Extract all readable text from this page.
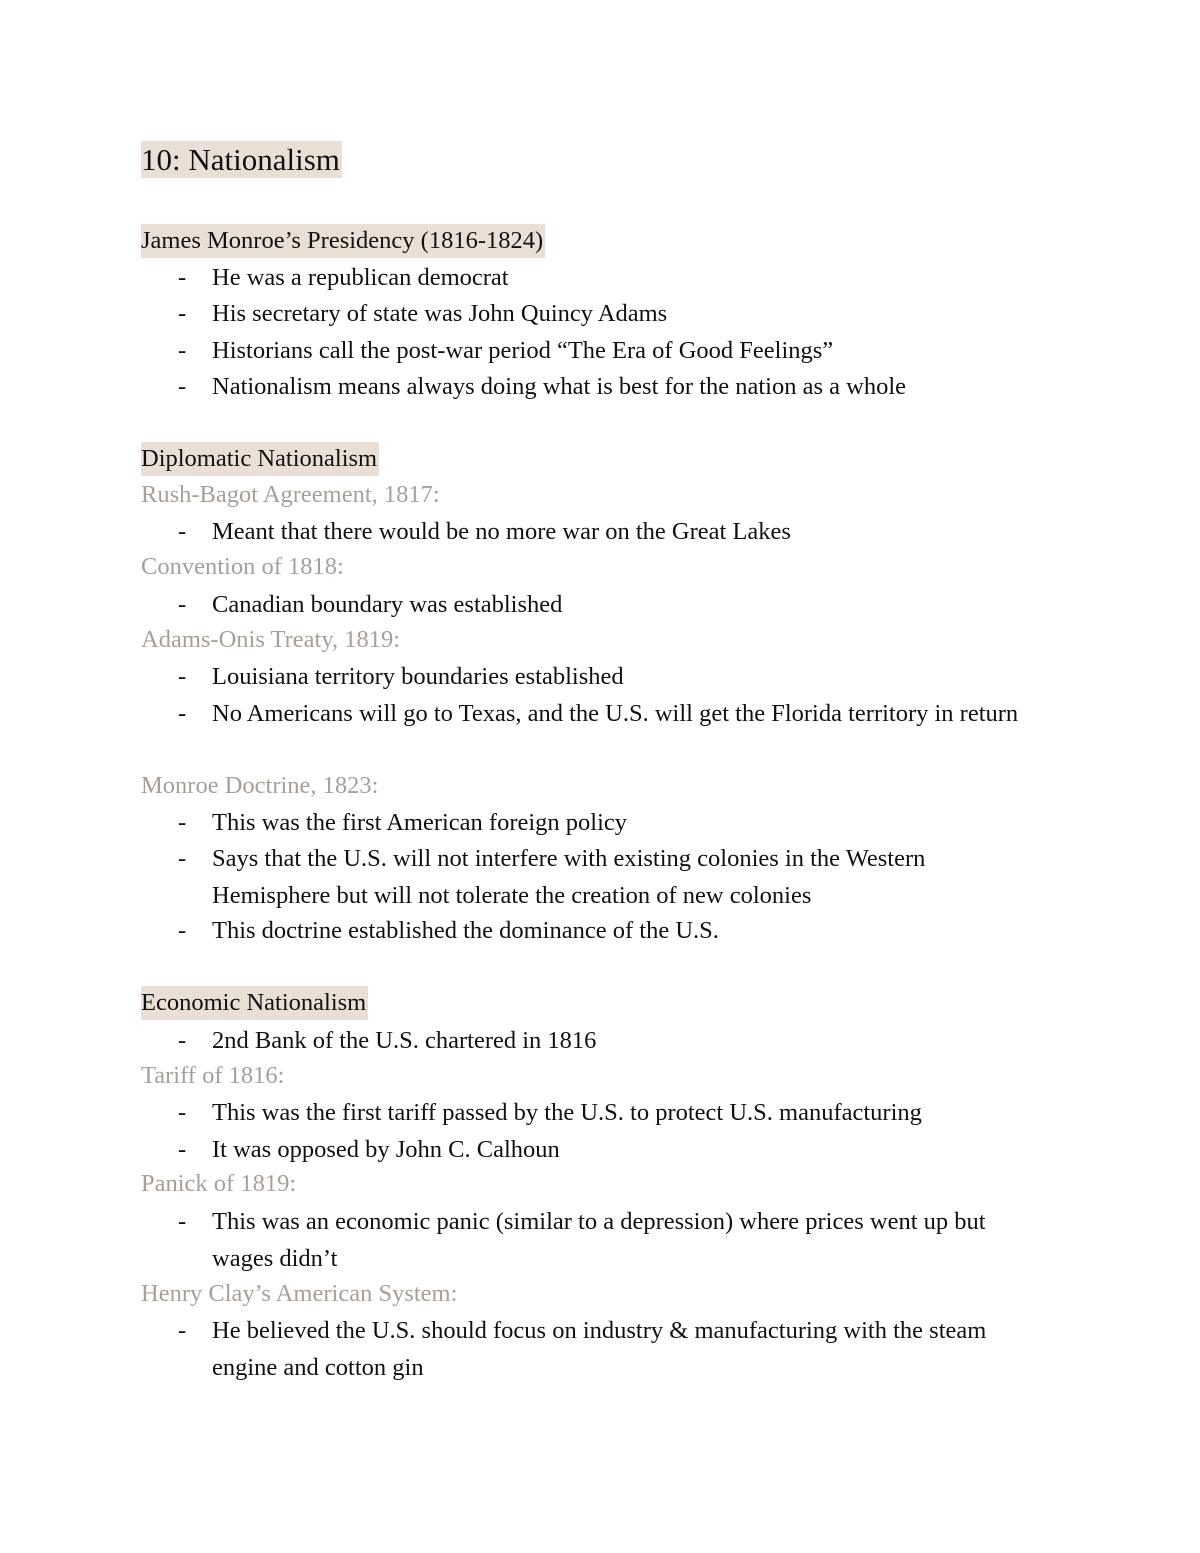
10: Nationalism
James Monroe’s Presidency (1816-1824)
-	He was a republican democrat
-	His secretary of state was John Quincy Adams
-	Historians call the post-war period “The Era of Good Feelings”
-	Nationalism means always doing what is best for the nation as a whole
Diplomatic Nationalism
Rush-Bagot Agreement, 1817:
-	Meant that there would be no more war on the Great Lakes
Convention of 1818:
-	Canadian boundary was established
Adams-Onis Treaty, 1819:
-	Louisiana territory boundaries established
-	No Americans will go to Texas, and the U.S. will get the Florida territory in return
Monroe Doctrine, 1823:
-	This was the first American foreign policy
-	Says that the U.S. will not interfere with existing colonies in the Western Hemisphere but will not tolerate the creation of new colonies
-	This doctrine established the dominance of the U.S.
Economic Nationalism
-	2nd Bank of the U.S. chartered in 1816
Tariff of 1816:
-	This was the first tariff passed by the U.S. to protect U.S. manufacturing
-	It was opposed by John C. Calhoun
Panick of 1819:
-	This was an economic panic (similar to a depression) where prices went up but wages didn’t
Henry Clay’s American System:
-	He believed the U.S. should focus on industry & manufacturing with the steam engine and cotton gin
